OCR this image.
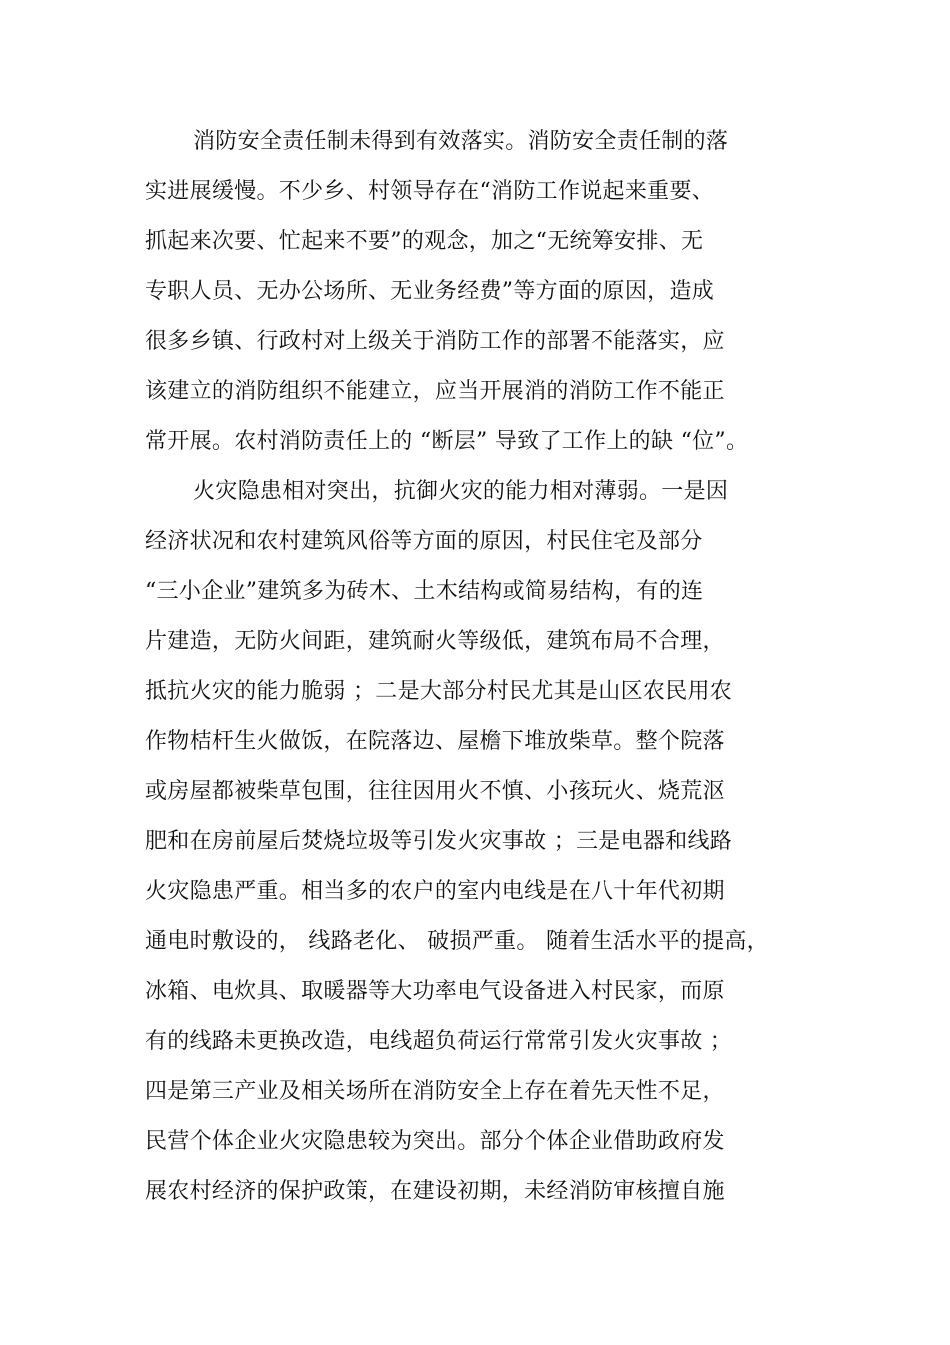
消防安全责任制未得到有效落实。消防安全责任制的落
实进展缓慢。不少乡、村领导存在“消防工作说起来重要、
抓起来次要、忙起来不要”的观念，加之“无统筹安排、无
专职人员、无办公场所、无业务经费”等方面的原因，造成
很多乡镇、行政村对上级关于消防工作的部署不能落实，应
该建立的消防组织不能建立，应当开展消的消防工作不能正
常开展。农村消防责任上的 “断层” 导致了工作上的缺 “位”。
火灾隐患相对突出，抗御火灾的能力相对薄弱。一是因
经济状况和农村建筑风俗等方面的原因，村民住宅及部分
“三小企业”建筑多为砖木、土木结构或简易结构，有的连
片建造，无防火间距，建筑耐火等级低，建筑布局不合理，
抵抗火灾的能力脆弱 ；二是大部分村民尤其是山区农民用农
作物桔杆生火做饭，在院落边、屋檐下堆放柴草。整个院落
或房屋都被柴草包围，往往因用火不慎、小孩玩火、烧荒沤
肥和在房前屋后焚烧垃圾等引发火灾事故 ；三是电器和线路
火灾隐患严重。相当多的农户的室内电线是在八十年代初期
通电时敷设的， 线路老化、 破损严重。 随着生活水平的提高，
冰箱、电炊具、取暖器等大功率电气设备进入村民家，而原
有的线路未更换改造，电线超负荷运行常常引发火灾事故 ；
四是第三产业及相关场所在消防安全上存在着先天性不足，
民营个体企业火灾隐患较为突出。部分个体企业借助政府发
展农村经济的保护政策，在建设初期，未经消防审核擅自施
